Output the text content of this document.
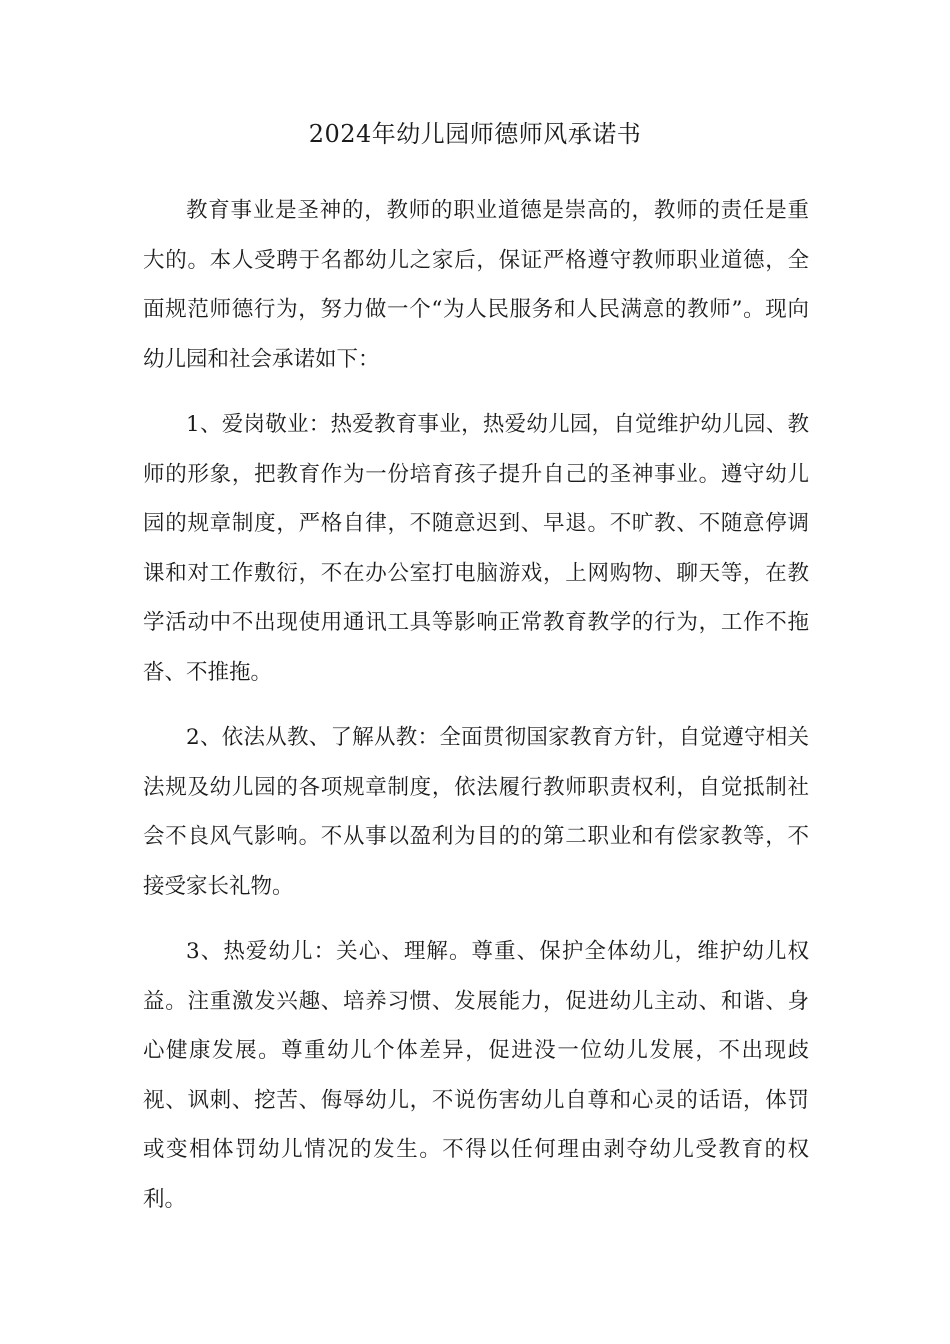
2024年幼儿园师德师风承诺书

教育事业是圣神的，教师的职业道德是崇高的，教师的责任是重大的。本人受聘于名都幼儿之家后，保证严格遵守教师职业道德，全面规范师德行为，努力做一个“为人民服务和人民满意的教师”。现向幼儿园和社会承诺如下：

1、爱岗敬业：热爱教育事业，热爱幼儿园，自觉维护幼儿园、教师的形象，把教育作为一份培育孩子提升自己的圣神事业。遵守幼儿园的规章制度，严格自律，不随意迟到、早退。不旷教、不随意停调课和对工作敷衍，不在办公室打电脑游戏，上网购物、聊天等，在教学活动中不出现使用通讯工具等影响正常教育教学的行为，工作不拖沓、不推拖。

2、依法从教、了解从教：全面贯彻国家教育方针，自觉遵守相关法规及幼儿园的各项规章制度，依法履行教师职责权利，自觉抵制社会不良风气影响。不从事以盈利为目的的第二职业和有偿家教等，不接受家长礼物。

3、热爱幼儿：关心、理解。尊重、保护全体幼儿，维护幼儿权益。注重激发兴趣、培养习惯、发展能力，促进幼儿主动、和谐、身心健康发展。尊重幼儿个体差异，促进没一位幼儿发展，不出现歧视、讽刺、挖苦、侮辱幼儿，不说伤害幼儿自尊和心灵的话语，体罚或变相体罚幼儿情况的发生。不得以任何理由剥夺幼儿受教育的权利。
